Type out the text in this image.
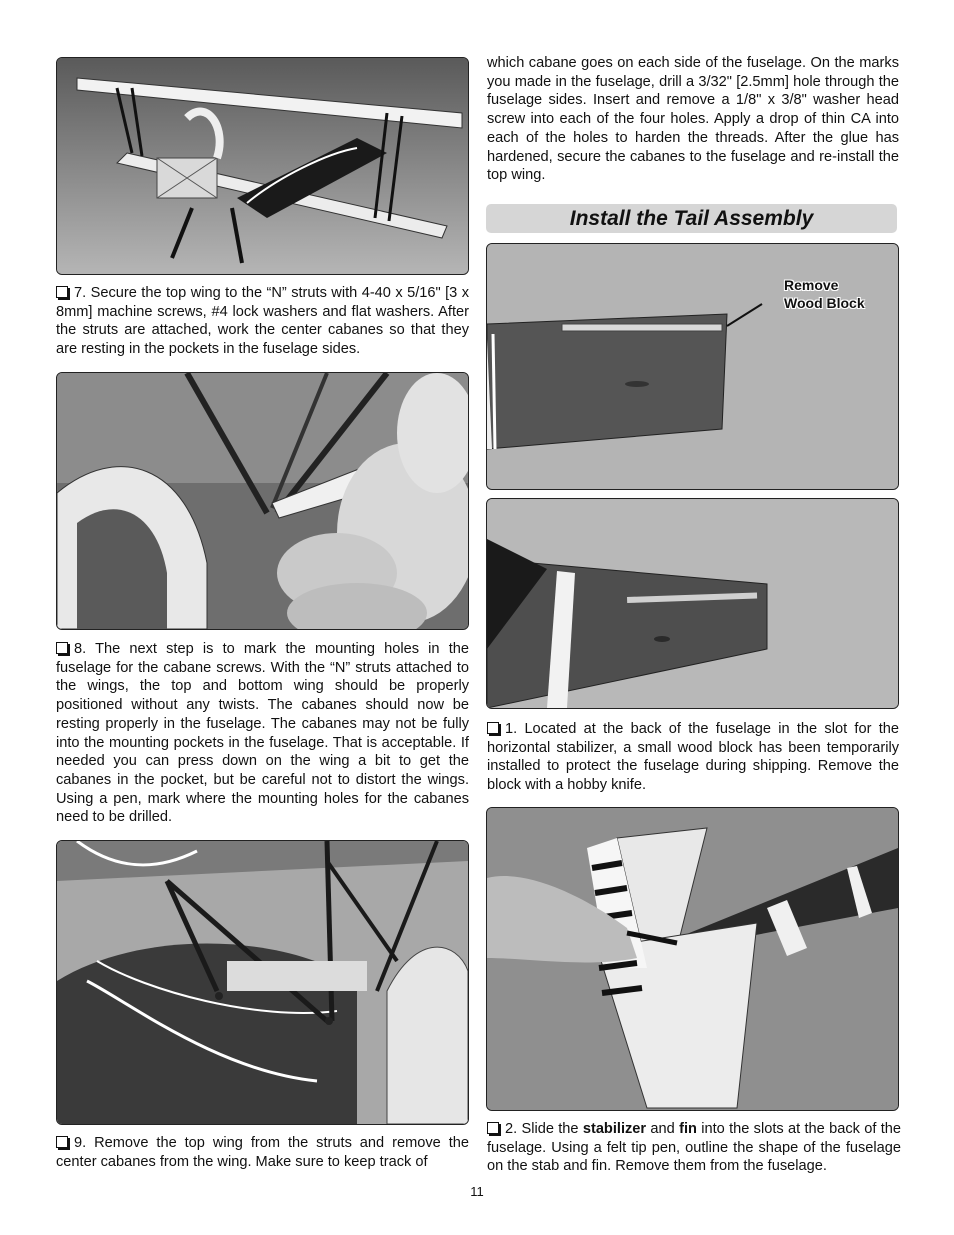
7. Secure the top wing to the “N” struts with 4-40 x 5/16" [3 x 8mm] machine screws, #4 lock washers and flat washers. After the struts are attached, work the center cabanes so that they are resting in the pockets in the fuselage sides.

8. The next step is to mark the mounting holes in the fuselage for the cabane screws. With the “N” struts attached to the wings, the top and bottom wing should be properly positioned without any twists. The cabanes should now be resting properly in the fuselage. The cabanes may not be fully into the mounting pockets in the fuselage. That is acceptable. If needed you can press down on the wing a bit to get the cabanes in the pocket, but be careful not to distort the wings. Using a pen, mark where the mounting holes for the cabanes need to be drilled.

9. Remove the top wing from the struts and remove the center cabanes from the wing. Make sure to keep track of

which cabane goes on each side of the fuselage. On the marks you made in the fuselage, drill a 3/32" [2.5mm] hole through the fuselage sides. Insert and remove a 1/8" x 3/8" washer head screw into each of the four holes. Apply a drop of thin CA into each of the holes to harden the threads. After the glue has hardened, secure the cabanes to the fuselage and re-install the top wing.

Install the Tail Assembly
Remove
Wood Block

1. Located at the back of the fuselage in the slot for the horizontal stabilizer, a small wood block has been temporarily installed to protect the fuselage during shipping. Remove the block with a hobby knife.

2. Slide the stabilizer and fin into the slots at the back of the fuselage. Using a felt tip pen, outline the shape of the fuselage on the stab and fin. Remove them from the fuselage.

11
